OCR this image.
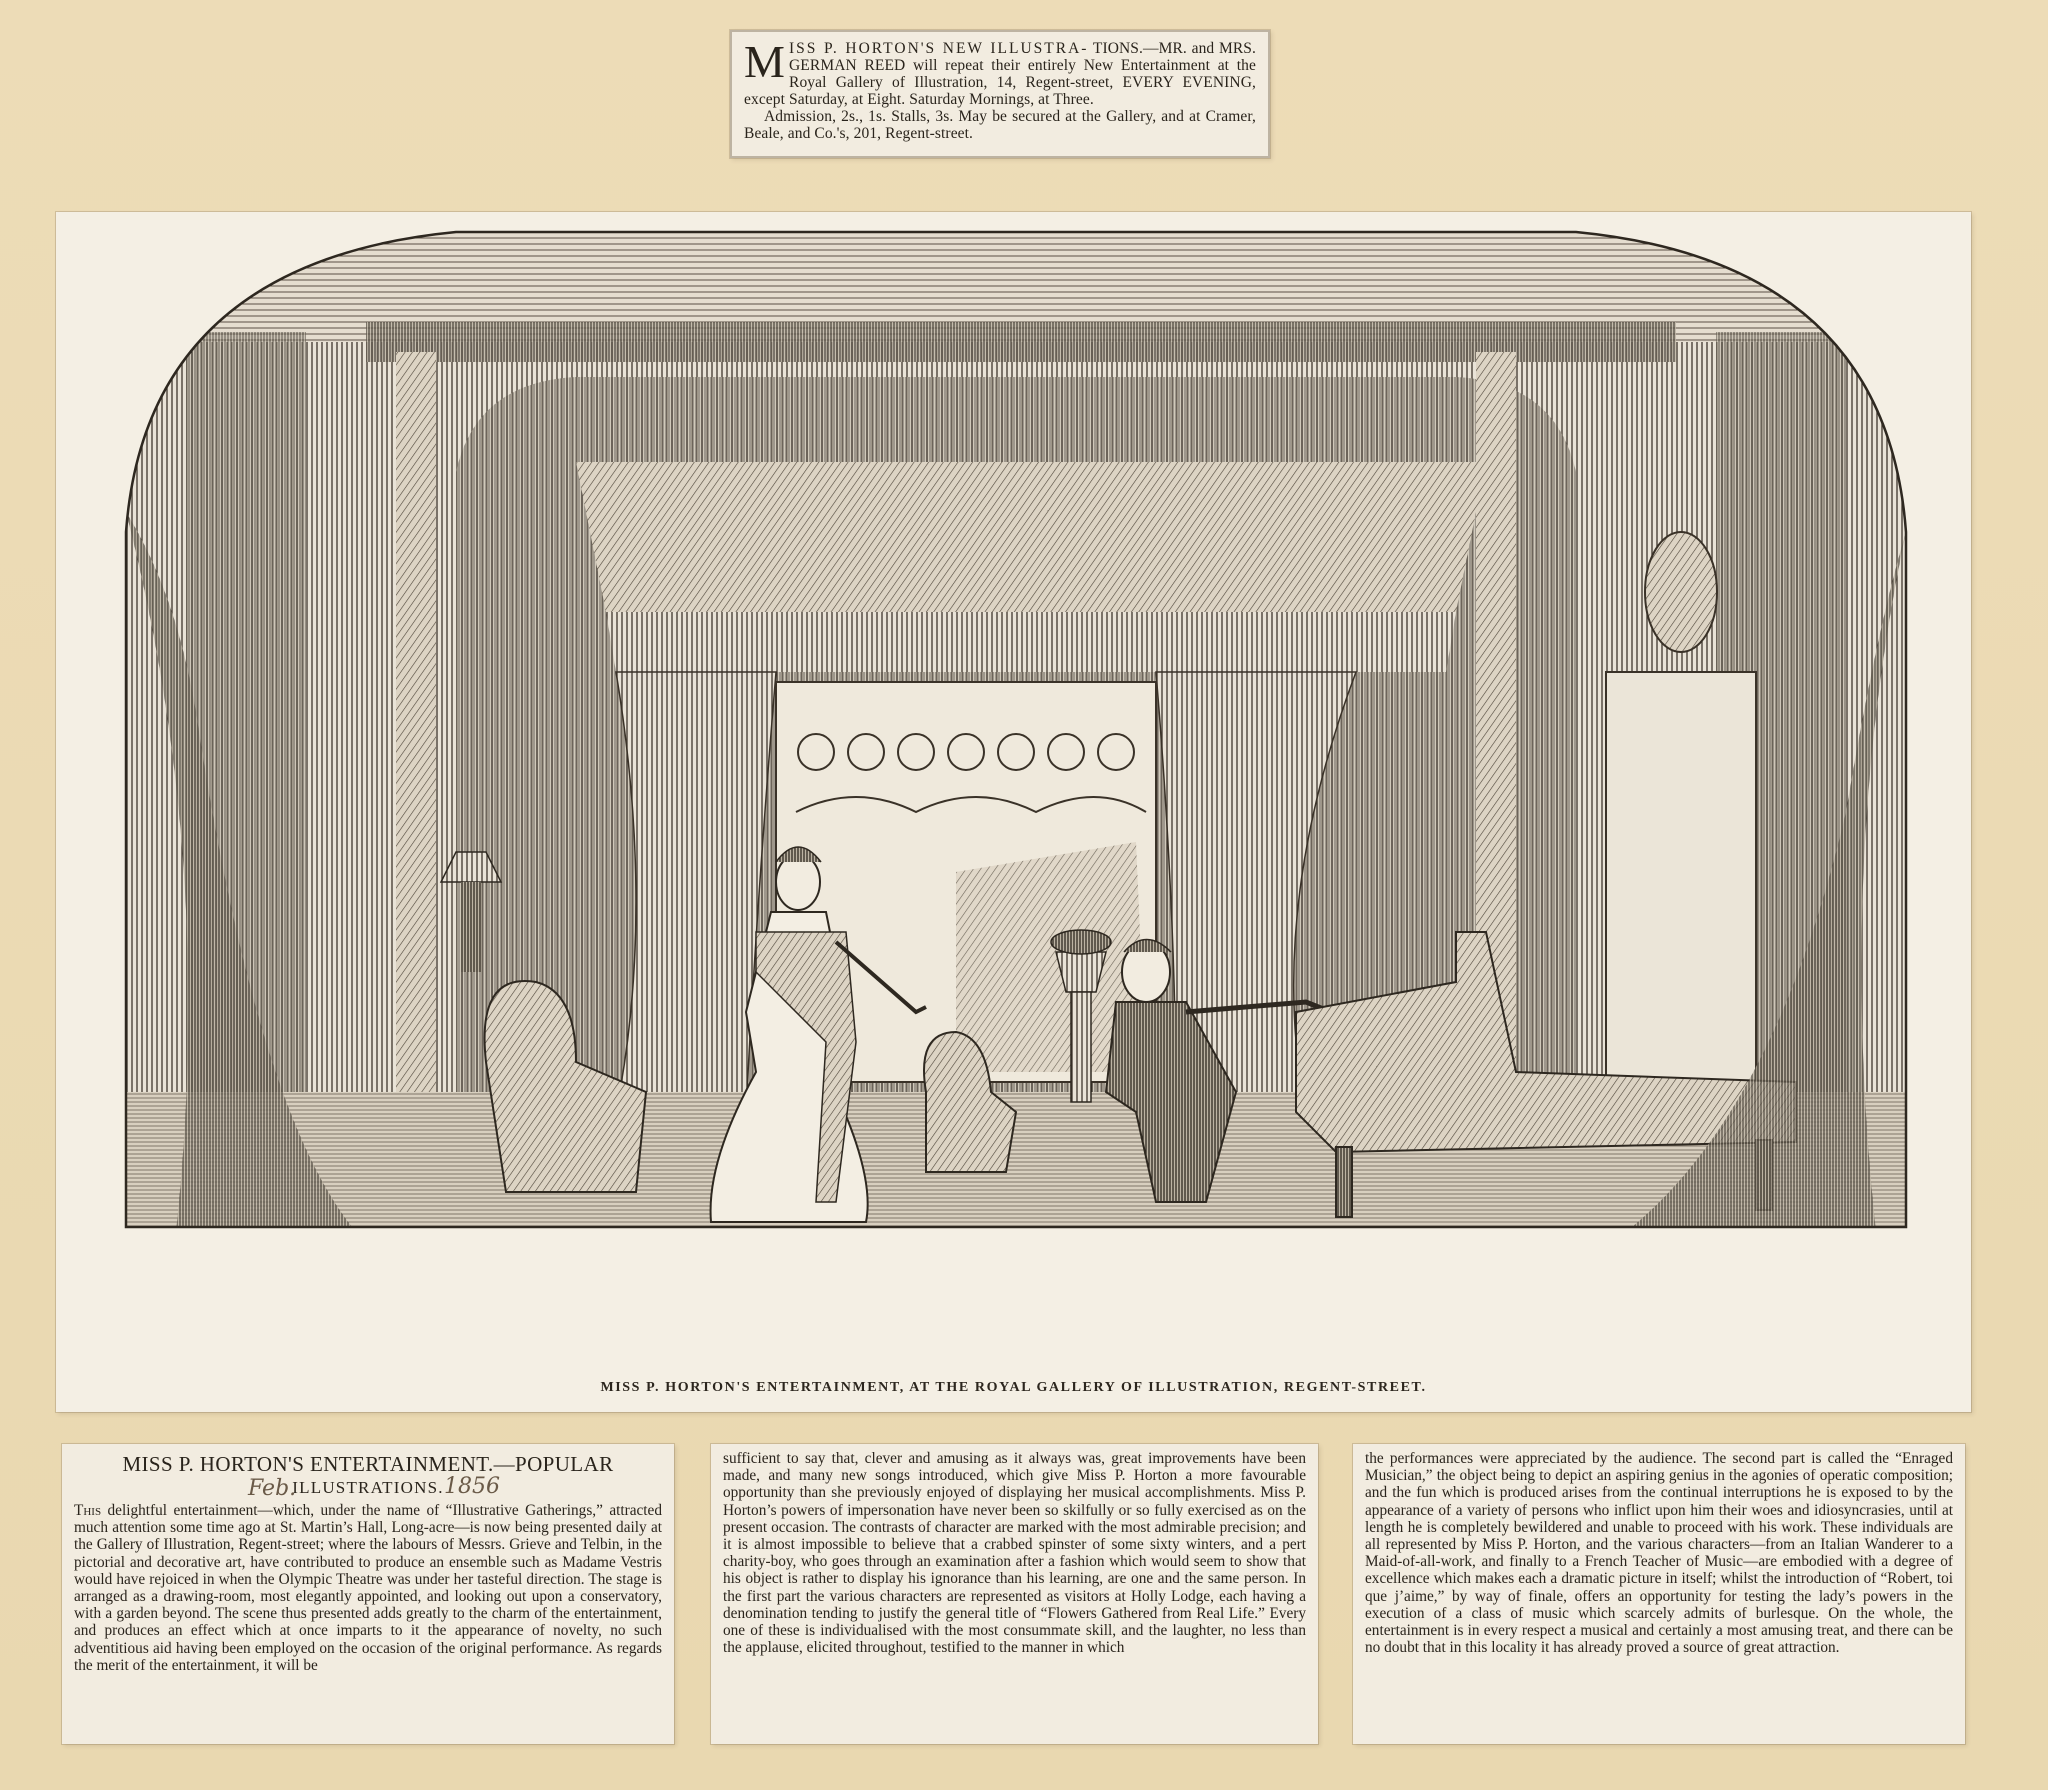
MISS P. HORTON'S NEW ILLUSTRA- TIONS.—MR. and MRS. GERMAN REED will repeat their entirely New Entertainment at the Royal Gallery of Illustration, 14, Regent-street, EVERY EVENING, except Saturday, at Eight. Saturday Mornings, at Three.

Admission, 2s., 1s. Stalls, 3s. May be secured at the Gallery, and at Cramer, Beale, and Co.'s, 201, Regent-street.

MISS P. HORTON'S ENTERTAINMENT, AT THE ROYAL GALLERY OF ILLUSTRATION, REGENT-STREET.
MISS P. HORTON'S ENTERTAINMENT.—POPULAR
ILLUSTRATIONS.
Feb.	1856

This delightful entertainment—which, under the name of “Illustrative Gatherings,” attracted much attention some time ago at St. Martin’s Hall, Long-acre—is now being presented daily at the Gallery of Illustration, Regent-street; where the labours of Messrs. Grieve and Telbin, in the pictorial and decorative art, have contributed to produce an ensemble such as Madame Vestris would have rejoiced in when the Olympic Theatre was under her tasteful direction. The stage is arranged as a drawing-room, most elegantly appointed, and looking out upon a conservatory, with a garden beyond. The scene thus presented adds greatly to the charm of the entertainment, and produces an effect which at once imparts to it the appearance of novelty, no such adventitious aid having been employed on the occasion of the original performance. As regards the merit of the entertainment, it will be

sufficient to say that, clever and amusing as it always was, great improvements have been made, and many new songs introduced, which give Miss P. Horton a more favourable opportunity than she previously enjoyed of displaying her musical accomplishments. Miss P. Horton’s powers of impersonation have never been so skilfully or so fully exercised as on the present occasion. The contrasts of character are marked with the most admirable precision; and it is almost impossible to believe that a crabbed spinster of some sixty winters, and a pert charity-boy, who goes through an examination after a fashion which would seem to show that his object is rather to display his ignorance than his learning, are one and the same person. In the first part the various characters are represented as visitors at Holly Lodge, each having a denomination tending to justify the general title of “Flowers Gathered from Real Life.” Every one of these is individualised with the most consummate skill, and the laughter, no less than the applause, elicited throughout, testified to the manner in which

the performances were appreciated by the audience. The second part is called the “Enraged Musician,” the object being to depict an aspiring genius in the agonies of operatic composition; and the fun which is produced arises from the continual interruptions he is exposed to by the appearance of a variety of persons who inflict upon him their woes and idiosyncrasies, until at length he is completely bewildered and unable to proceed with his work. These individuals are all represented by Miss P. Horton, and the various characters—from an Italian Wanderer to a Maid-of-all-work, and finally to a French Teacher of Music—are embodied with a degree of excellence which makes each a dramatic picture in itself; whilst the introduction of “Robert, toi que j’aime,” by way of finale, offers an opportunity for testing the lady’s powers in the execution of a class of music which scarcely admits of burlesque. On the whole, the entertainment is in every respect a musical and certainly a most amusing treat, and there can be no doubt that in this locality it has already proved a source of great attraction.
